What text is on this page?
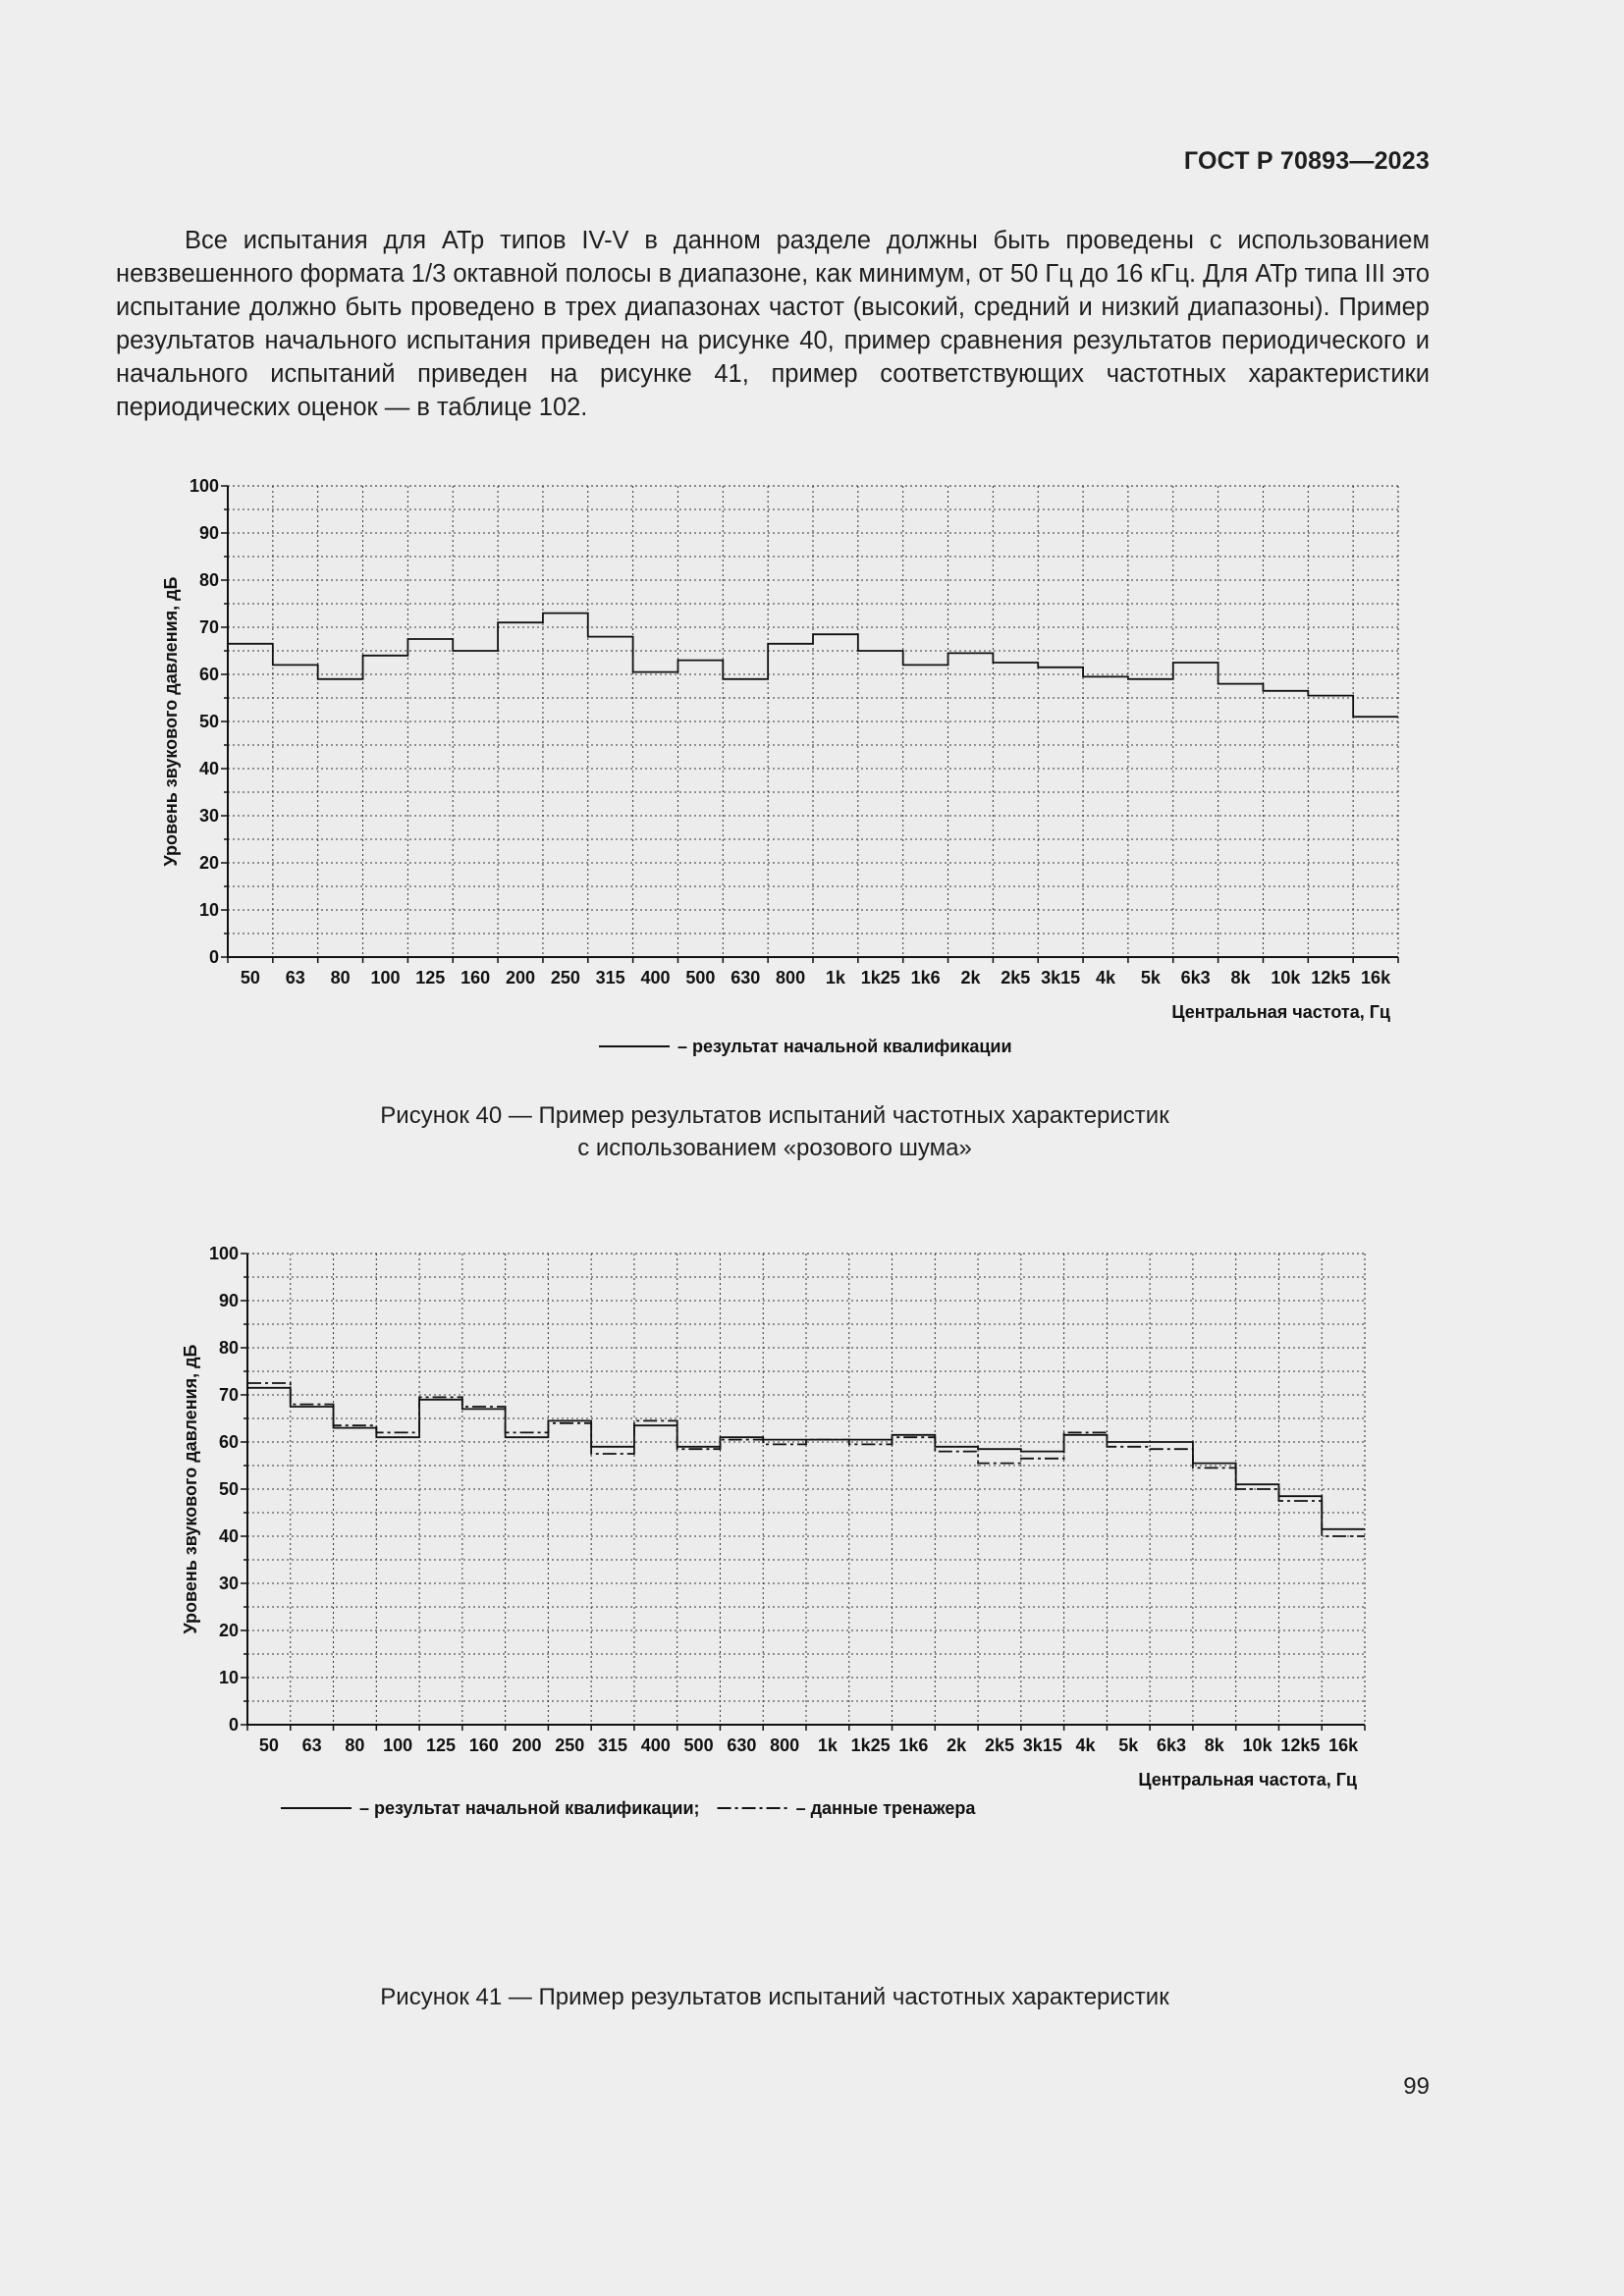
ГОСТ Р 70893—2023

Все испытания для АТр типов IV-V в данном разделе должны быть проведены с использованием невзвешенного формата 1/3 октавной полосы в диапазоне, как минимум, от 50 Гц до 16 кГц. Для АТр типа III это испытание должно быть проведено в трех диапазонах частот (высокий, средний и низкий диапазоны). Пример результатов начального испытания приведен на рисунке 40, пример сравнения результатов периодического и начального испытаний приведен на рисунке 41, пример соответствующих частотных характеристики периодических оценок — в таблице 102.

0
10
20
30
40
50
60
70
80
90
100
50 63 80 100 125 160 200 250 315 400 500 630 800 1k 1k25 1k6 2k 2k5 3k15 4k 5k 6k3 8k 10k 12k5 16k
Уровень звукового давления, дБ
Центральная частота, Гц
– результат начальной квалификации
Рисунок 40 — Пример результатов испытаний частотных характеристик
с использованием «розового шума»
0
10
20
30
40
50
60
70
80
90
100
50 63 80 100 125 160 200 250 315 400 500 630 800 1k 1k25 1k6 2k 2k5 3k15 4k 5k 6k3 8k 10k 12k5 16k
Уровень звукового давления, дБ
Центральная частота, Гц
– результат начальной квалификации;	– данные тренажера
Рисунок 41 — Пример результатов испытаний частотных характеристик
99
